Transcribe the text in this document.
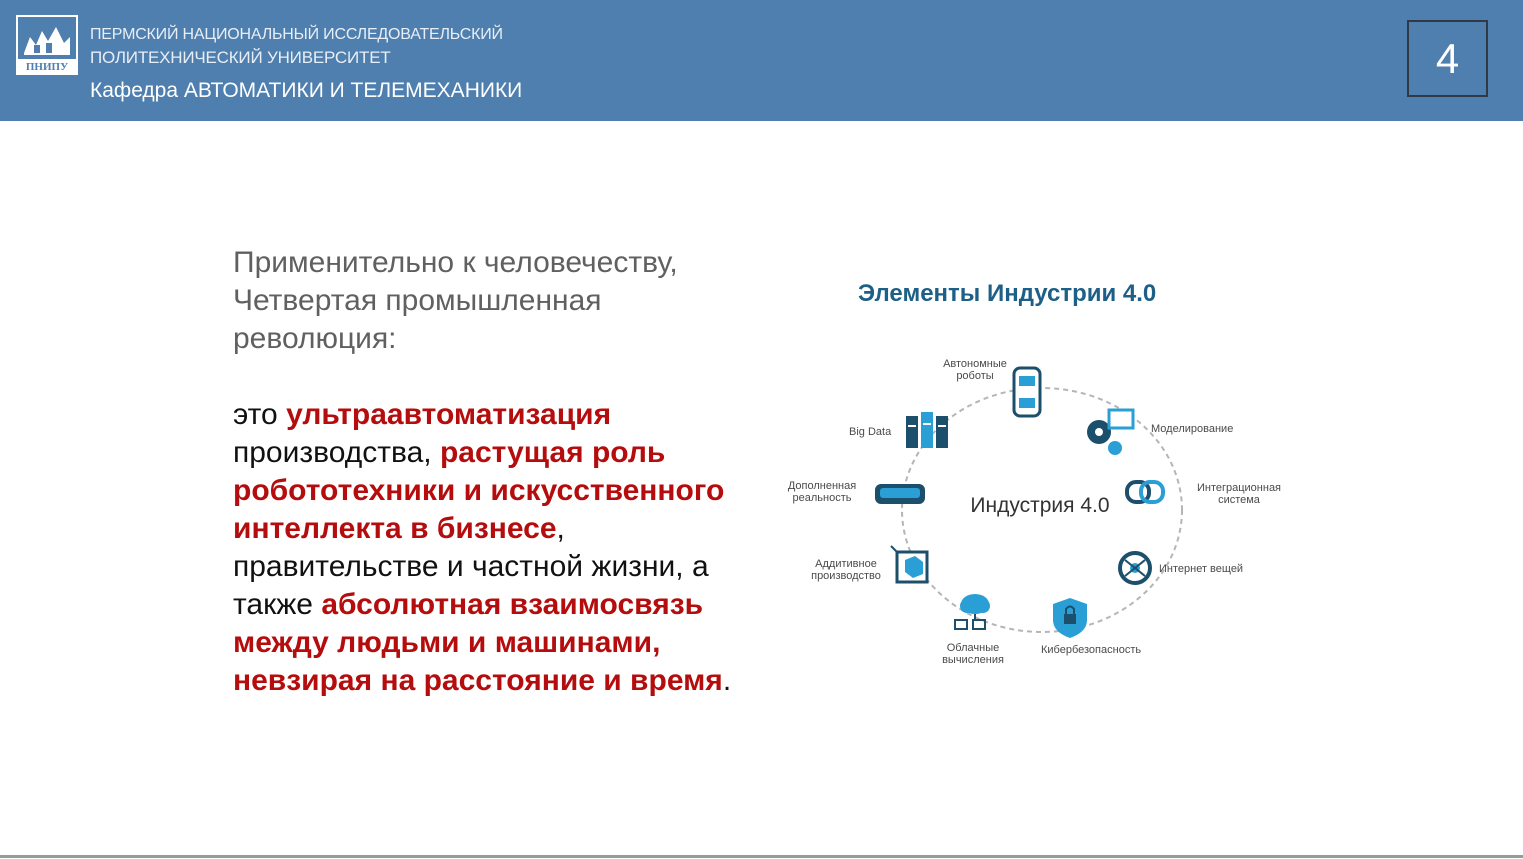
ПНИПУ
ПЕРМСКИЙ НАЦИОНАЛЬНЫЙ ИССЛЕДОВАТЕЛЬСКИЙ
ПОЛИТЕХНИЧЕСКИЙ УНИВЕРСИТЕТ
Кафедра АВТОМАТИКИ И ТЕЛЕМЕХАНИКИ
4
Применительно к человечеству,
Четвертая промышленная
революция:
это ультраавтоматизация производства, растущая роль робототехники и искусственного интеллекта в бизнесе, правительстве и частной жизни, а также абсолютная взаимосвязь между людьми и машинами, невзирая на расстояние и время.
Элементы Индустрии 4.0
Индустрия 4.0
Автономные роботы
Моделирование
Интеграционная система
Интернет вещей
Кибербезопасность
Облачные вычисления
Аддитивное производство
Дополненная реальность
Big Data
